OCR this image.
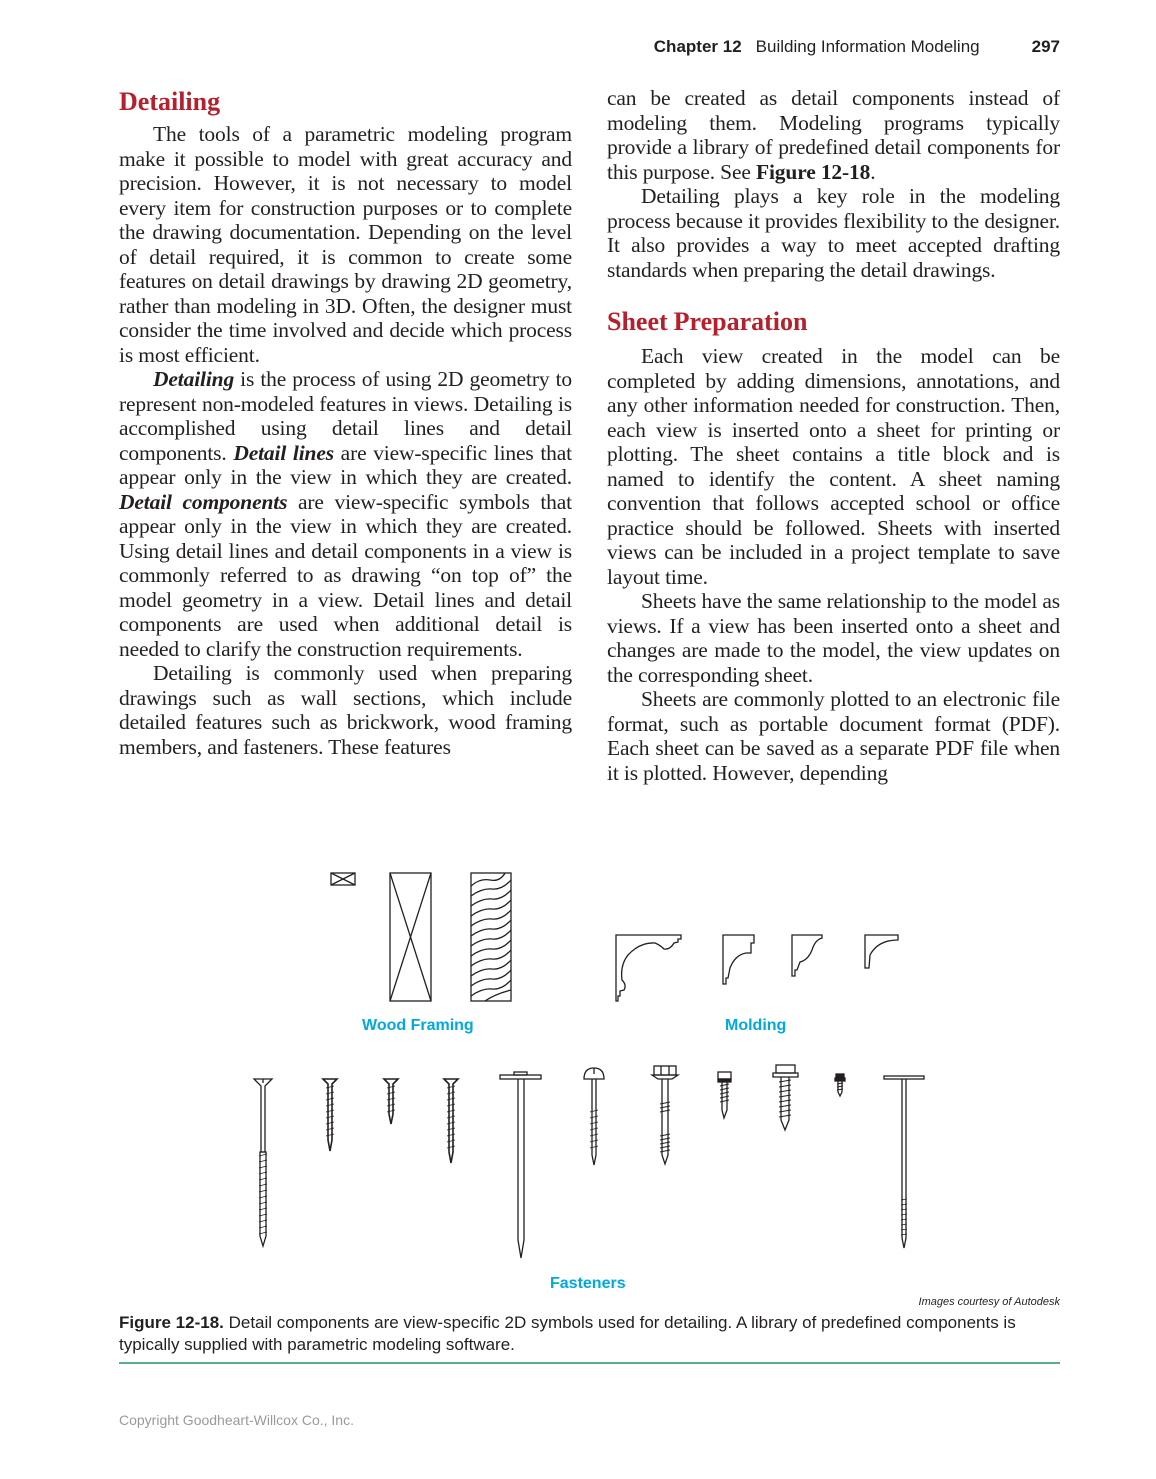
Chapter 12 Building Information Modeling	297
Detailing

The tools of a parametric modeling program make it possible to model with great accuracy and precision. However, it is not necessary to model every item for construction purposes or to complete the drawing documentation. Depending on the level of detail required, it is common to create some features on detail drawings by drawing 2D geometry, rather than modeling in 3D. Often, the designer must consider the time involved and decide which process is most efficient.

Detailing is the process of using 2D geometry to represent non-modeled features in views. Detailing is accomplished using detail lines and detail components. Detail lines are view-specific lines that appear only in the view in which they are created. Detail components are view-specific symbols that appear only in the view in which they are created. Using detail lines and detail components in a view is commonly referred to as drawing “on top of” the model geometry in a view. Detail lines and detail components are used when additional detail is needed to clarify the construction requirements.

Detailing is commonly used when preparing drawings such as wall sections, which include detailed features such as brickwork, wood framing members, and fasteners. These features

can be created as detail components instead of modeling them. Modeling programs typically provide a library of predefined detail components for this purpose. See Figure 12-18.

Detailing plays a key role in the modeling process because it provides flexibility to the designer. It also provides a way to meet accepted drafting standards when preparing the detail drawings.

Sheet Preparation

Each view created in the model can be completed by adding dimensions, annotations, and any other information needed for construction. Then, each view is inserted onto a sheet for printing or plotting. The sheet contains a title block and is named to identify the content. A sheet naming convention that follows accepted school or office practice should be followed. Sheets with inserted views can be included in a project template to save layout time.

Sheets have the same relationship to the model as views. If a view has been inserted onto a sheet and changes are made to the model, the view updates on the corresponding sheet.

Sheets are commonly plotted to an electronic file format, such as portable document format (PDF). Each sheet can be saved as a separate PDF file when it is plotted. However, depending

Wood Framing	Molding
Fasteners
Images courtesy of Autodesk
Figure 12-18. Detail components are view-specific 2D symbols used for detailing. A library of predefined components is typically supplied with parametric modeling software.
Copyright Goodheart-Willcox Co., Inc.
